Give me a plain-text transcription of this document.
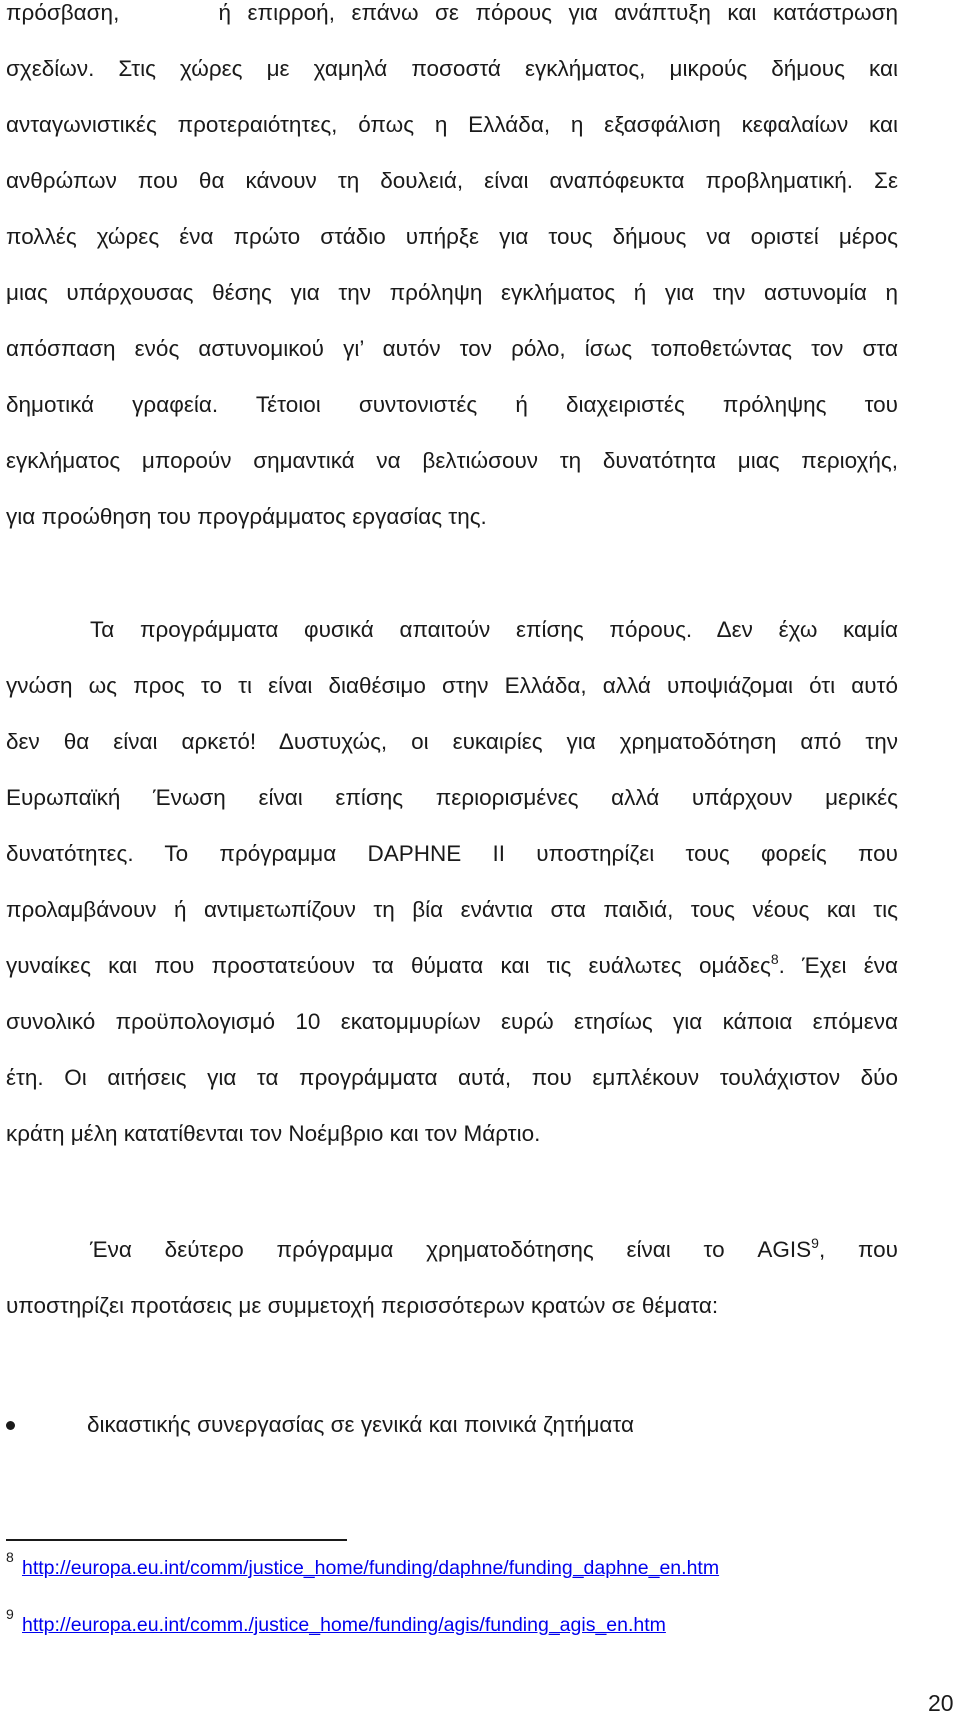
πρόσβαση,      ή επιρροή, επάνω σε πόρους για ανάπτυξη και κατάστρωση
σχεδίων. Στις χώρες με χαμηλά ποσοστά εγκλήματος, μικρούς δήμους και
ανταγωνιστικές προτεραιότητες, όπως η Ελλάδα, η εξασφάλιση κεφαλαίων και
ανθρώπων που θα κάνουν τη δουλειά, είναι αναπόφευκτα προβληματική. Σε
πολλές χώρες ένα πρώτο στάδιο υπήρξε για τους δήμους να οριστεί μέρος
μιας υπάρχουσας θέσης για την πρόληψη εγκλήματος ή για την αστυνομία η
απόσπαση ενός αστυνομικού γι’ αυτόν τον ρόλο, ίσως τοποθετώντας τον στα
δημοτικά γραφεία. Τέτοιοι συντονιστές ή διαχειριστές πρόληψης του
εγκλήματος μπορούν σημαντικά να βελτιώσουν τη δυνατότητα μιας περιοχής,
για προώθηση του προγράμματος εργασίας της.
Τα προγράμματα φυσικά απαιτούν επίσης πόρους. Δεν έχω καμία
γνώση ως προς το τι είναι διαθέσιμο στην Ελλάδα, αλλά υποψιάζομαι ότι αυτό
δεν θα είναι αρκετό! Δυστυχώς, οι ευκαιρίες για χρηματοδότηση από την
Ευρωπαϊκή Ένωση είναι επίσης περιορισμένες αλλά υπάρχουν μερικές
δυνατότητες. Το πρόγραμμα DAPHNE II υποστηρίζει τους φορείς που
προλαμβάνουν ή αντιμετωπίζουν τη βία ενάντια στα παιδιά, τους νέους και τις
γυναίκες και που προστατεύουν τα θύματα και τις ευάλωτες ομάδες$^8$. Έχει ένα
συνολικό προϋπολογισμό 10 εκατομμυρίων ευρώ ετησίως για κάποια επόμενα
έτη. Οι αιτήσεις για τα προγράμματα αυτά, που εμπλέκουν τουλάχιστον δύο
κράτη μέλη κατατίθενται τον Νοέμβριο και τον Μάρτιο.
Ένα δεύτερο πρόγραμμα χρηματοδότησης είναι το AGIS$^9$, που
υποστηρίζει προτάσεις με συμμετοχή περισσότερων κρατών σε θέματα:
δικαστικής συνεργασίας σε γενικά και ποινικά ζητήματα
8 http://europa.eu.int/comm/justice_home/funding/daphne/funding_daphne_en.htm
9 http://europa.eu.int/comm./justice_home/funding/agis/funding_agis_en.htm
20
